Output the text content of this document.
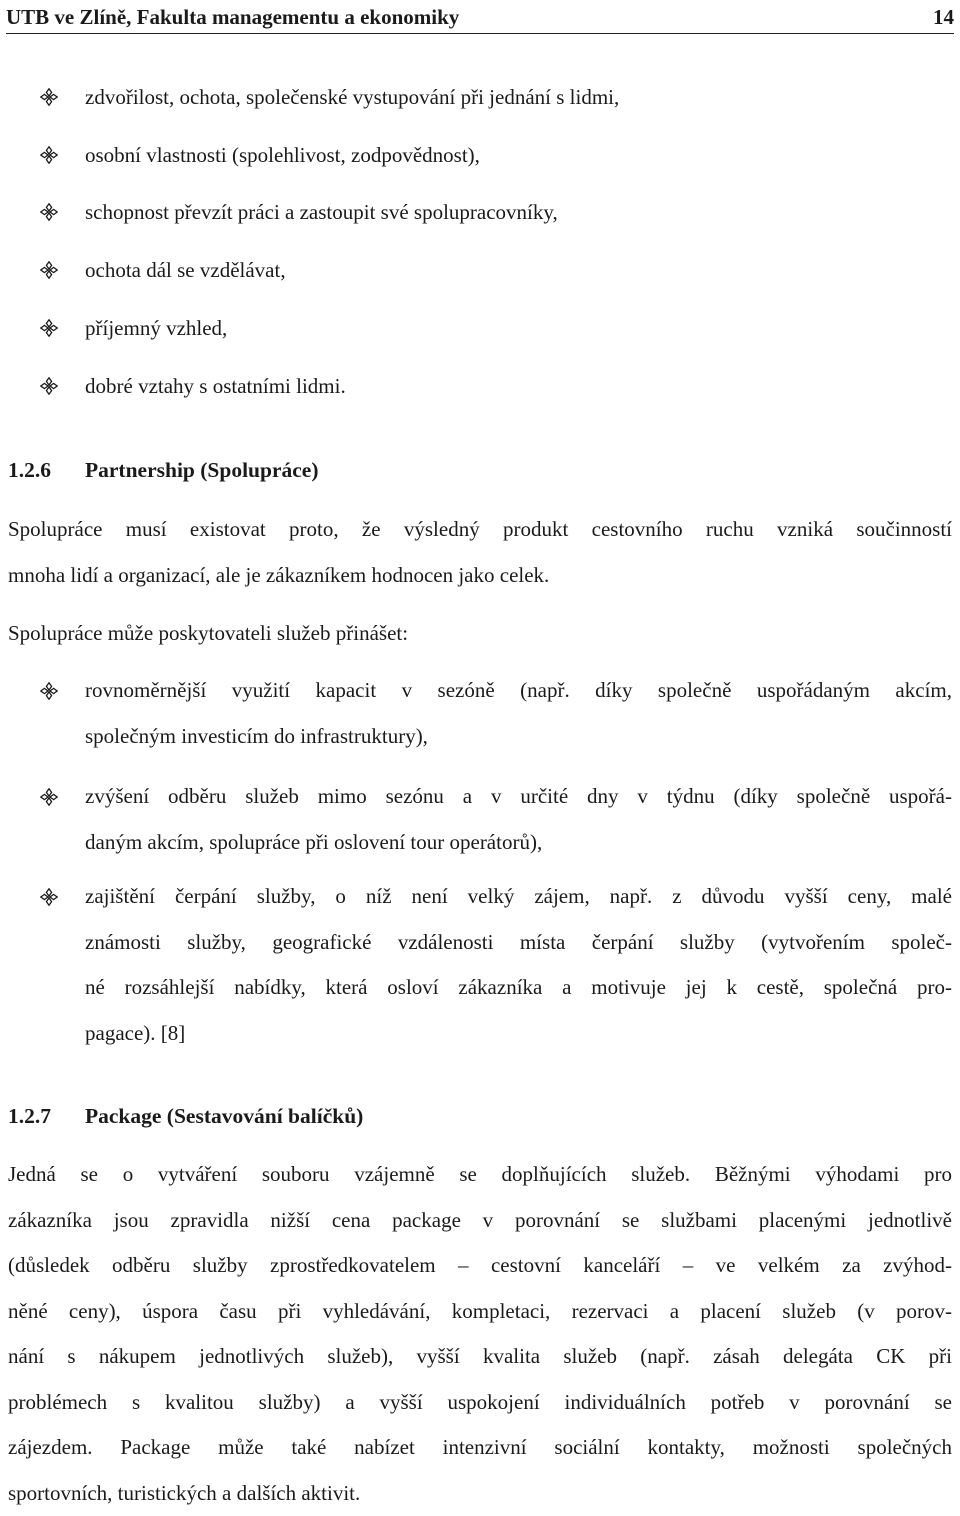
UTB ve Zlíně, Fakulta managementu a ekonomiky	14
zdvořilost, ochota, společenské vystupování při jednání s lidmi,
osobní vlastnosti (spolehlivost, zodpovědnost),
schopnost převzít práci a zastoupit své spolupracovníky,
ochota dál se vzdělávat,
příjemný vzhled,
dobré vztahy s ostatními lidmi.
1.2.6 Partnership (Spolupráce)
Spolupráce musí existovat proto, že výsledný produkt cestovního ruchu vzniká součinností
mnoha lidí a organizací, ale je zákazníkem hodnocen jako celek.
Spolupráce může poskytovateli služeb přinášet:
rovnoměrnější využití kapacit v sezóně (např. díky společně uspořádaným akcím,
společným investicím do infrastruktury),
zvýšení odběru služeb mimo sezónu a v určité dny v týdnu (díky společně uspořá-
daným akcím, spolupráce při oslovení tour operátorů),
zajištění čerpání služby, o níž není velký zájem, např. z důvodu vyšší ceny, malé
známosti služby, geografické vzdálenosti místa čerpání služby (vytvořením společ-
né rozsáhlejší nabídky, která osloví zákazníka a motivuje jej k cestě, společná pro-
pagace). [8]
1.2.7 Package (Sestavování balíčků)
Jedná se o vytváření souboru vzájemně se doplňujících služeb. Běžnými výhodami pro
zákazníka jsou zpravidla nižší cena package v porovnání se službami placenými jednotlivě
(důsledek odběru služby zprostředkovatelem – cestovní kanceláří – ve velkém za zvýhod-
něné ceny), úspora času při vyhledávání, kompletaci, rezervaci a placení služeb (v porov-
nání s nákupem jednotlivých služeb), vyšší kvalita služeb (např. zásah delegáta CK při
problémech s kvalitou služby) a vyšší uspokojení individuálních potřeb v porovnání se
zájezdem. Package může také nabízet intenzivní sociální kontakty, možnosti společných
sportovních, turistických a dalších aktivit.
